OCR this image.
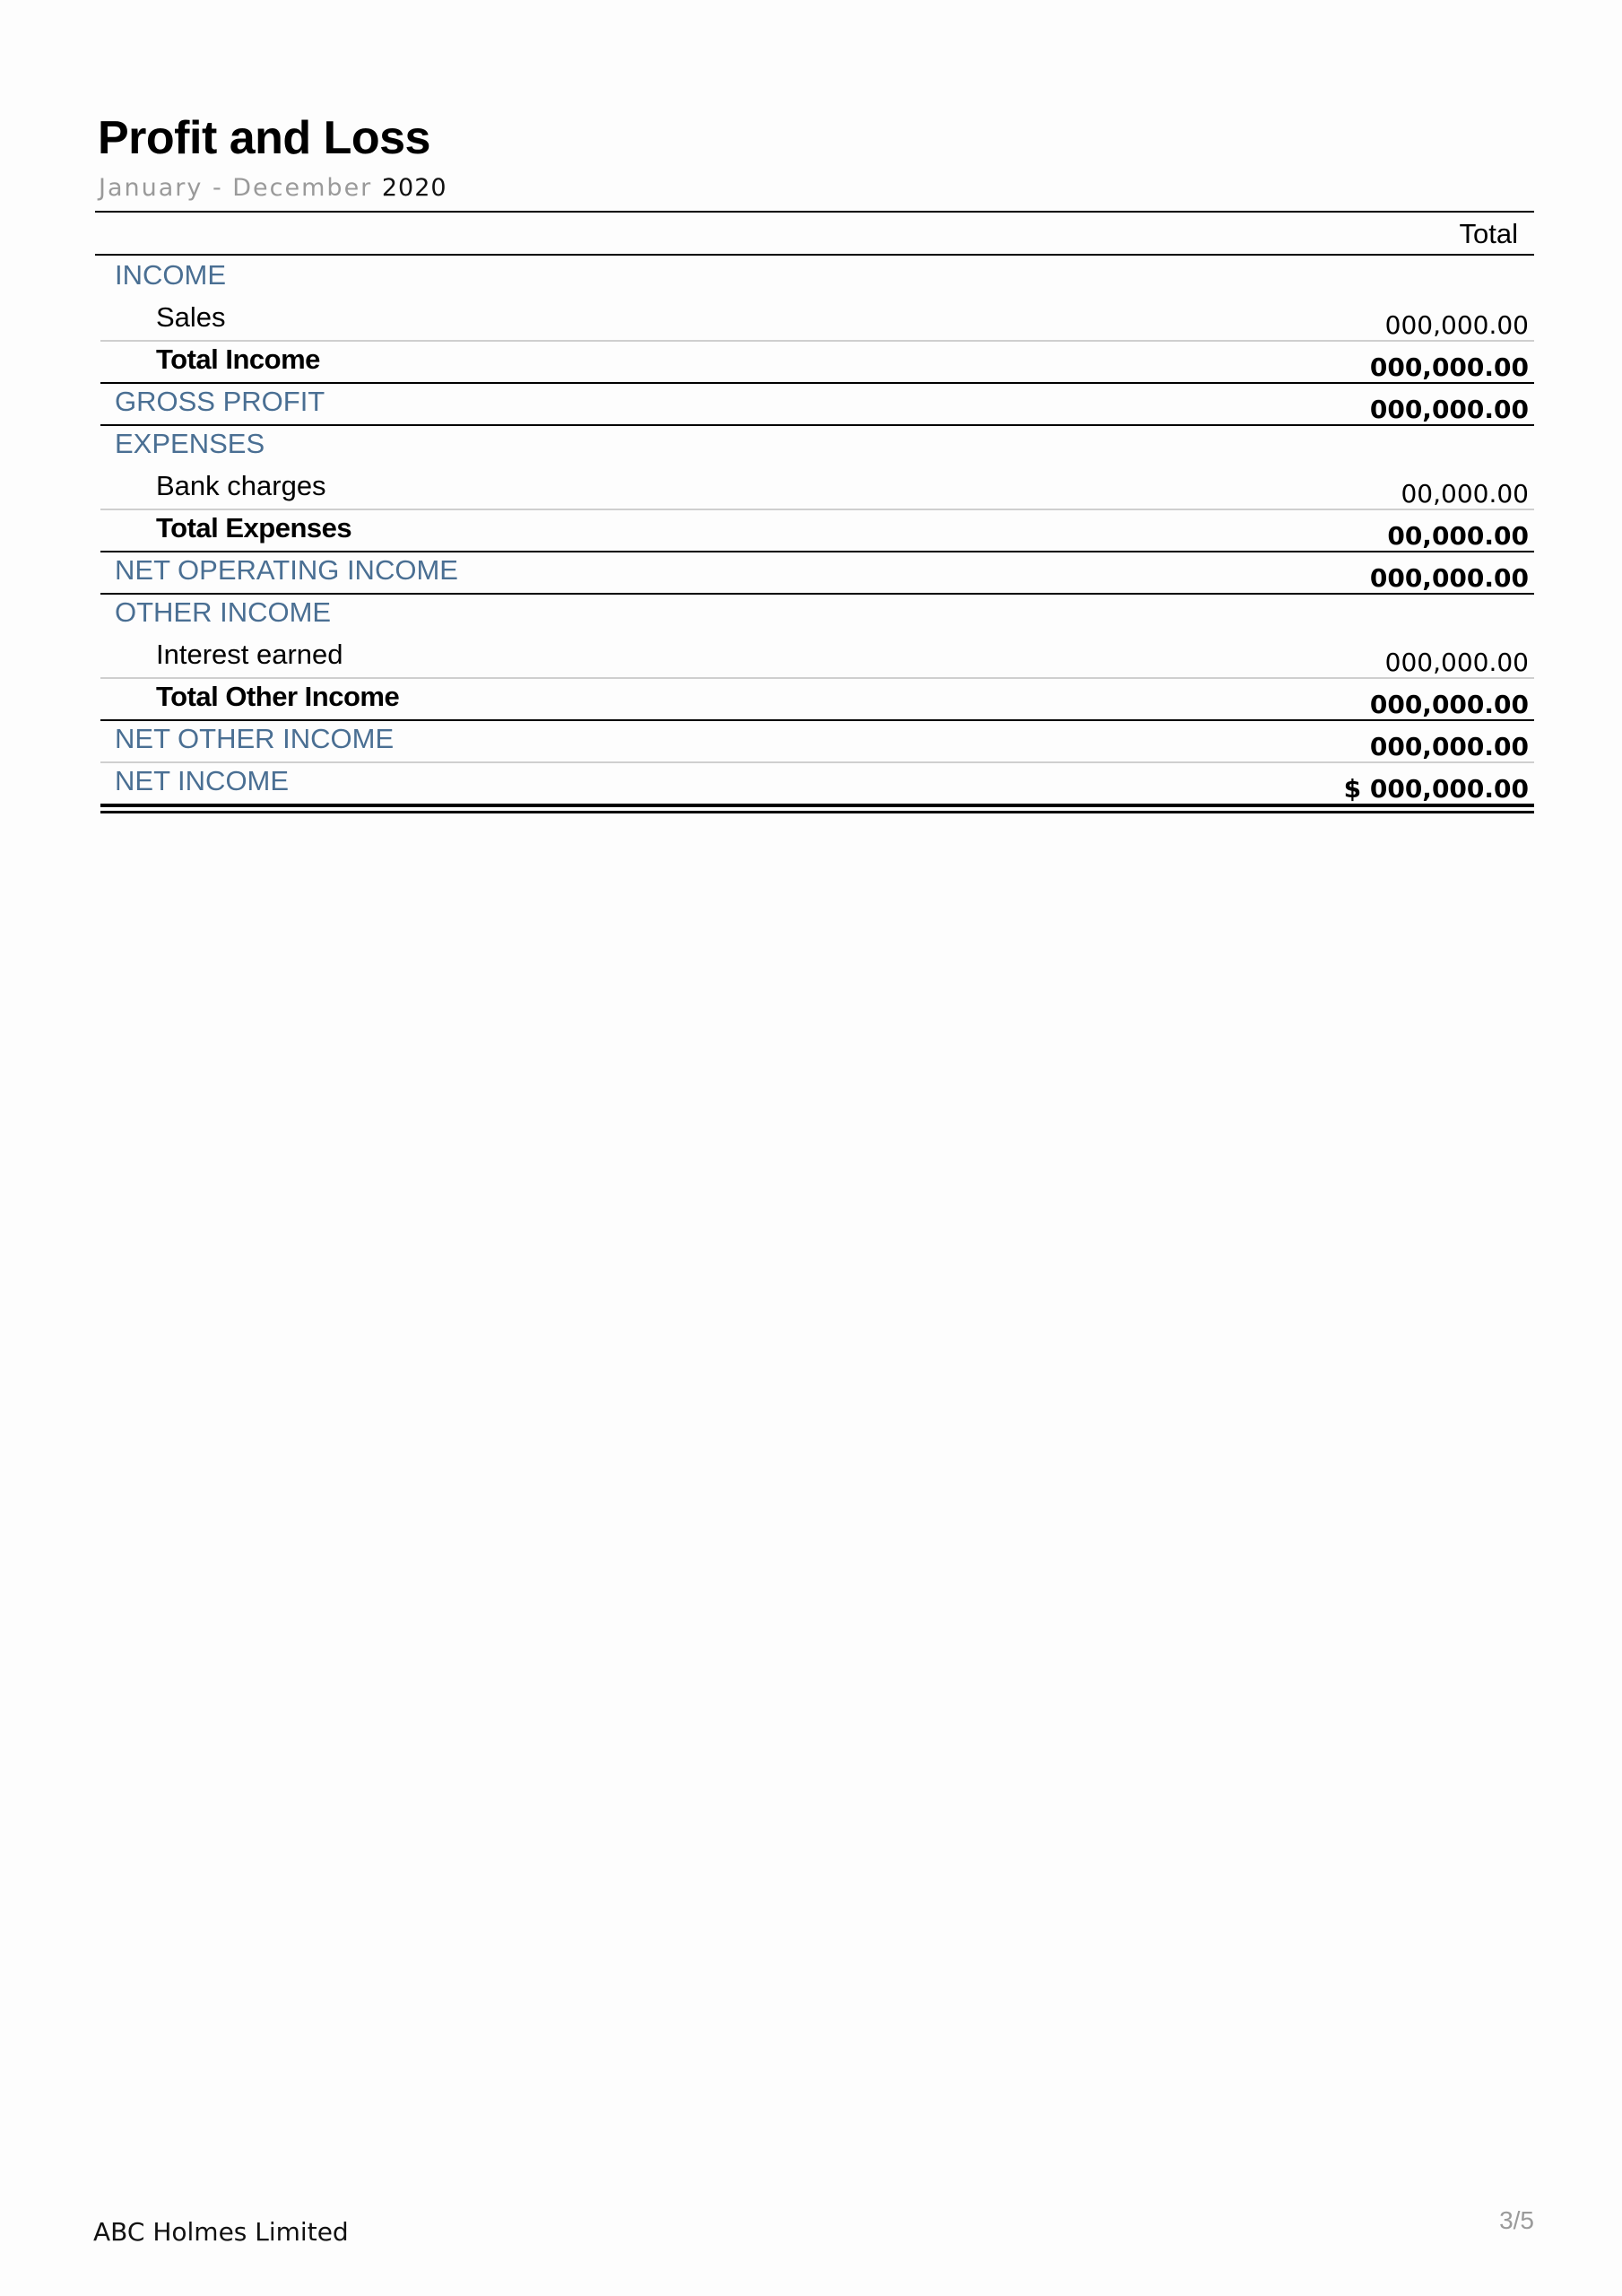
Profit and Loss
January - December 2020
Total
INCOME
Sales	000,000.00
Total Income	000,000.00
GROSS PROFIT	000,000.00
EXPENSES
Bank charges	00,000.00
Total Expenses	00,000.00
NET OPERATING INCOME	000,000.00
OTHER INCOME
Interest earned	000,000.00
Total Other Income	000,000.00
NET OTHER INCOME	000,000.00
NET INCOME	$ 000,000.00
ABC Holmes Limited	3/5
